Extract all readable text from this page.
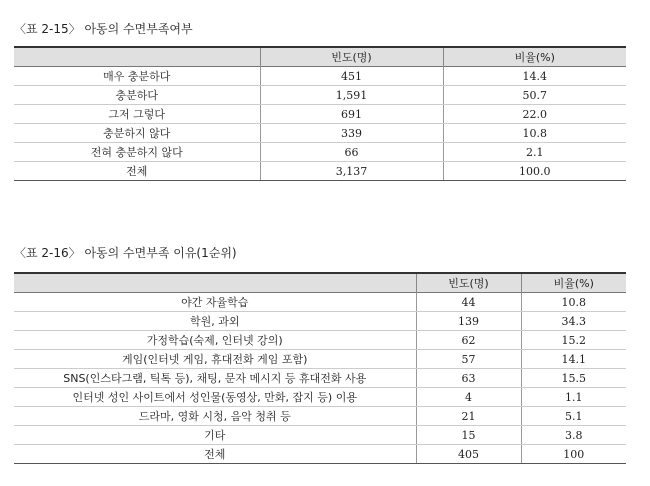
〈표 2-15〉 아동의 수면부족여부
	빈도(명)	비율(%)
매우 충분하다	451	14.4
충분하다	1,591	50.7
그저 그렇다	691	22.0
충분하지 않다	339	10.8
전혀 충분하지 않다	66	2.1
전체	3,137	100.0
〈표 2-16〉 아동의 수면부족 이유(1순위)
	빈도(명)	비율(%)
야간 자율학습	44	10.8
학원, 과외	139	34.3
가정학습(숙제, 인터넷 강의)	62	15.2
게임(인터넷 게임, 휴대전화 게임 포함)	57	14.1
SNS(인스타그램, 틱톡 등), 채팅, 문자 메시지 등 휴대전화 사용	63	15.5
인터넷 성인 사이트에서 성인물(동영상, 만화, 잡지 등) 이용	4	1.1
드라마, 영화 시청, 음악 청취 등	21	5.1
기타	15	3.8
전체	405	100
